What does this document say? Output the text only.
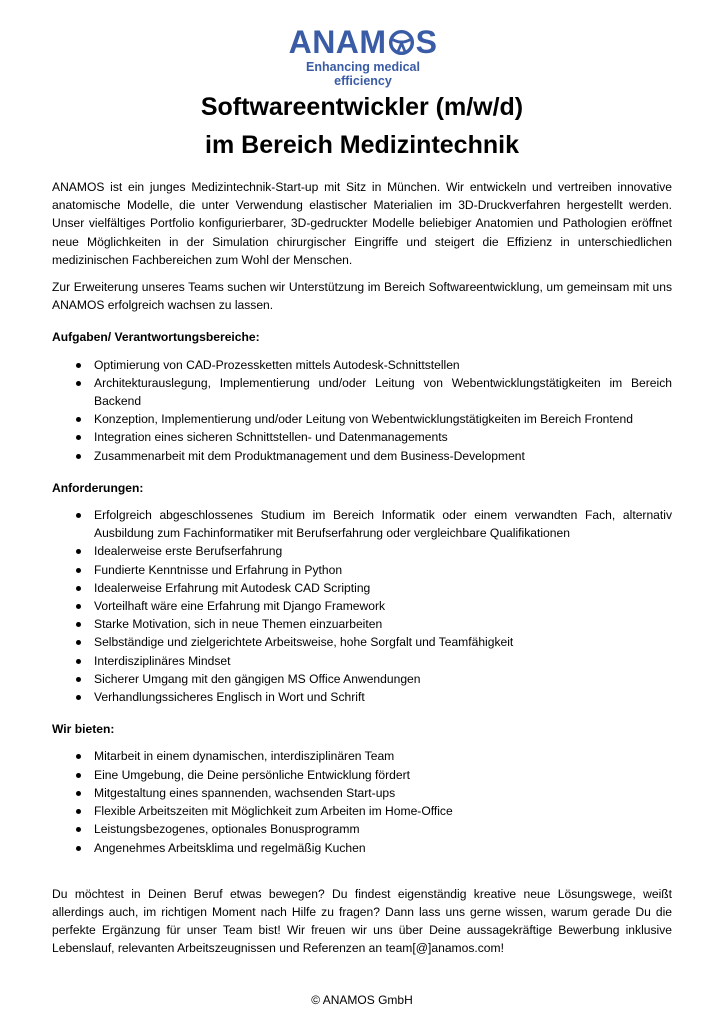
ANAM S
Enhancing medical efficiency
Softwareentwickler (m/w/d)
im Bereich Medizintechnik

ANAMOS ist ein junges Medizintechnik-Start-up mit Sitz in München. Wir entwickeln und vertreiben innovative anatomische Modelle, die unter Verwendung elastischer Materialien im 3D-Druckverfahren hergestellt werden. Unser vielfältiges Portfolio konfigurierbarer, 3D-gedruckter Modelle beliebiger Anatomien und Pathologien eröffnet neue Möglichkeiten in der Simulation chirurgischer Eingriffe und steigert die Effizienz in unterschiedlichen medizinischen Fachbereichen zum Wohl der Menschen.

Zur Erweiterung unseres Teams suchen wir Unterstützung im Bereich Softwareentwicklung, um gemeinsam mit uns ANAMOS erfolgreich wachsen zu lassen.

Aufgaben/ Verantwortungsbereiche:
Optimierung von CAD-Prozessketten mittels Autodesk-Schnittstellen
Architekturauslegung, Implementierung und/oder Leitung von Webentwicklungstätigkeiten im Bereich Backend
Konzeption, Implementierung und/oder Leitung von Webentwicklungstätigkeiten im Bereich Frontend
Integration eines sicheren Schnittstellen- und Datenmanagements
Zusammenarbeit mit dem Produktmanagement und dem Business-Development
Anforderungen:
Erfolgreich abgeschlossenes Studium im Bereich Informatik oder einem verwandten Fach, alternativ Ausbildung zum Fachinformatiker mit Berufserfahrung oder vergleichbare Qualifikationen
Idealerweise erste Berufserfahrung
Fundierte Kenntnisse und Erfahrung in Python
Idealerweise Erfahrung mit Autodesk CAD Scripting
Vorteilhaft wäre eine Erfahrung mit Django Framework
Starke Motivation, sich in neue Themen einzuarbeiten
Selbständige und zielgerichtete Arbeitsweise, hohe Sorgfalt und Teamfähigkeit
Interdisziplinäres Mindset
Sicherer Umgang mit den gängigen MS Office Anwendungen
Verhandlungssicheres Englisch in Wort und Schrift
Wir bieten:
Mitarbeit in einem dynamischen, interdisziplinären Team
Eine Umgebung, die Deine persönliche Entwicklung fördert
Mitgestaltung eines spannenden, wachsenden Start-ups
Flexible Arbeitszeiten mit Möglichkeit zum Arbeiten im Home-Office
Leistungsbezogenes, optionales Bonusprogramm
Angenehmes Arbeitsklima und regelmäßig Kuchen

Du möchtest in Deinen Beruf etwas bewegen? Du findest eigenständig kreative neue Lösungswege, weißt allerdings auch, im richtigen Moment nach Hilfe zu fragen? Dann lass uns gerne wissen, warum gerade Du die perfekte Ergänzung für unser Team bist! Wir freuen wir uns über Deine aussagekräftige Bewerbung inklusive Lebenslauf, relevanten Arbeitszeugnissen und Referenzen an team[@]anamos.com!

© ANAMOS GmbH
